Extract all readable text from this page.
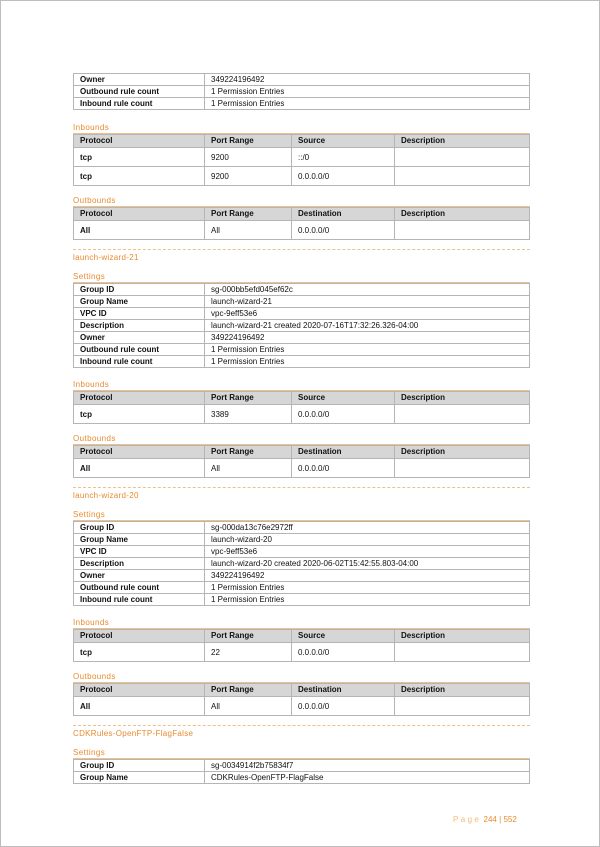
Owner	349224196492
Outbound rule count	1 Permission Entries
Inbound rule count	1 Permission Entries
Inbounds
Protocol	Port Range	Source	Description
tcp	9200	::/0	
tcp	9200	0.0.0.0/0	
Outbounds
Protocol	Port Range	Destination	Description
All	All	0.0.0.0/0	
launch-wizard-21
Settings
Group ID	sg-000bb5efd045ef62c
Group Name	launch-wizard-21
VPC ID	vpc-9eff53e6
Description	launch-wizard-21 created 2020-07-16T17:32:26.326-04:00
Owner	349224196492
Outbound rule count	1 Permission Entries
Inbound rule count	1 Permission Entries
Inbounds
Protocol	Port Range	Source	Description
tcp	3389	0.0.0.0/0	
Outbounds
Protocol	Port Range	Destination	Description
All	All	0.0.0.0/0	
launch-wizard-20
Settings
Group ID	sg-000da13c76e2972ff
Group Name	launch-wizard-20
VPC ID	vpc-9eff53e6
Description	launch-wizard-20 created 2020-06-02T15:42:55.803-04:00
Owner	349224196492
Outbound rule count	1 Permission Entries
Inbound rule count	1 Permission Entries
Inbounds
Protocol	Port Range	Source	Description
tcp	22	0.0.0.0/0	
Outbounds
Protocol	Port Range	Destination	Description
All	All	0.0.0.0/0	
CDKRules-OpenFTP-FlagFalse
Settings
Group ID	sg-0034914f2b75834f7
Group Name	CDKRules-OpenFTP-FlagFalse
Page 244 | 552
